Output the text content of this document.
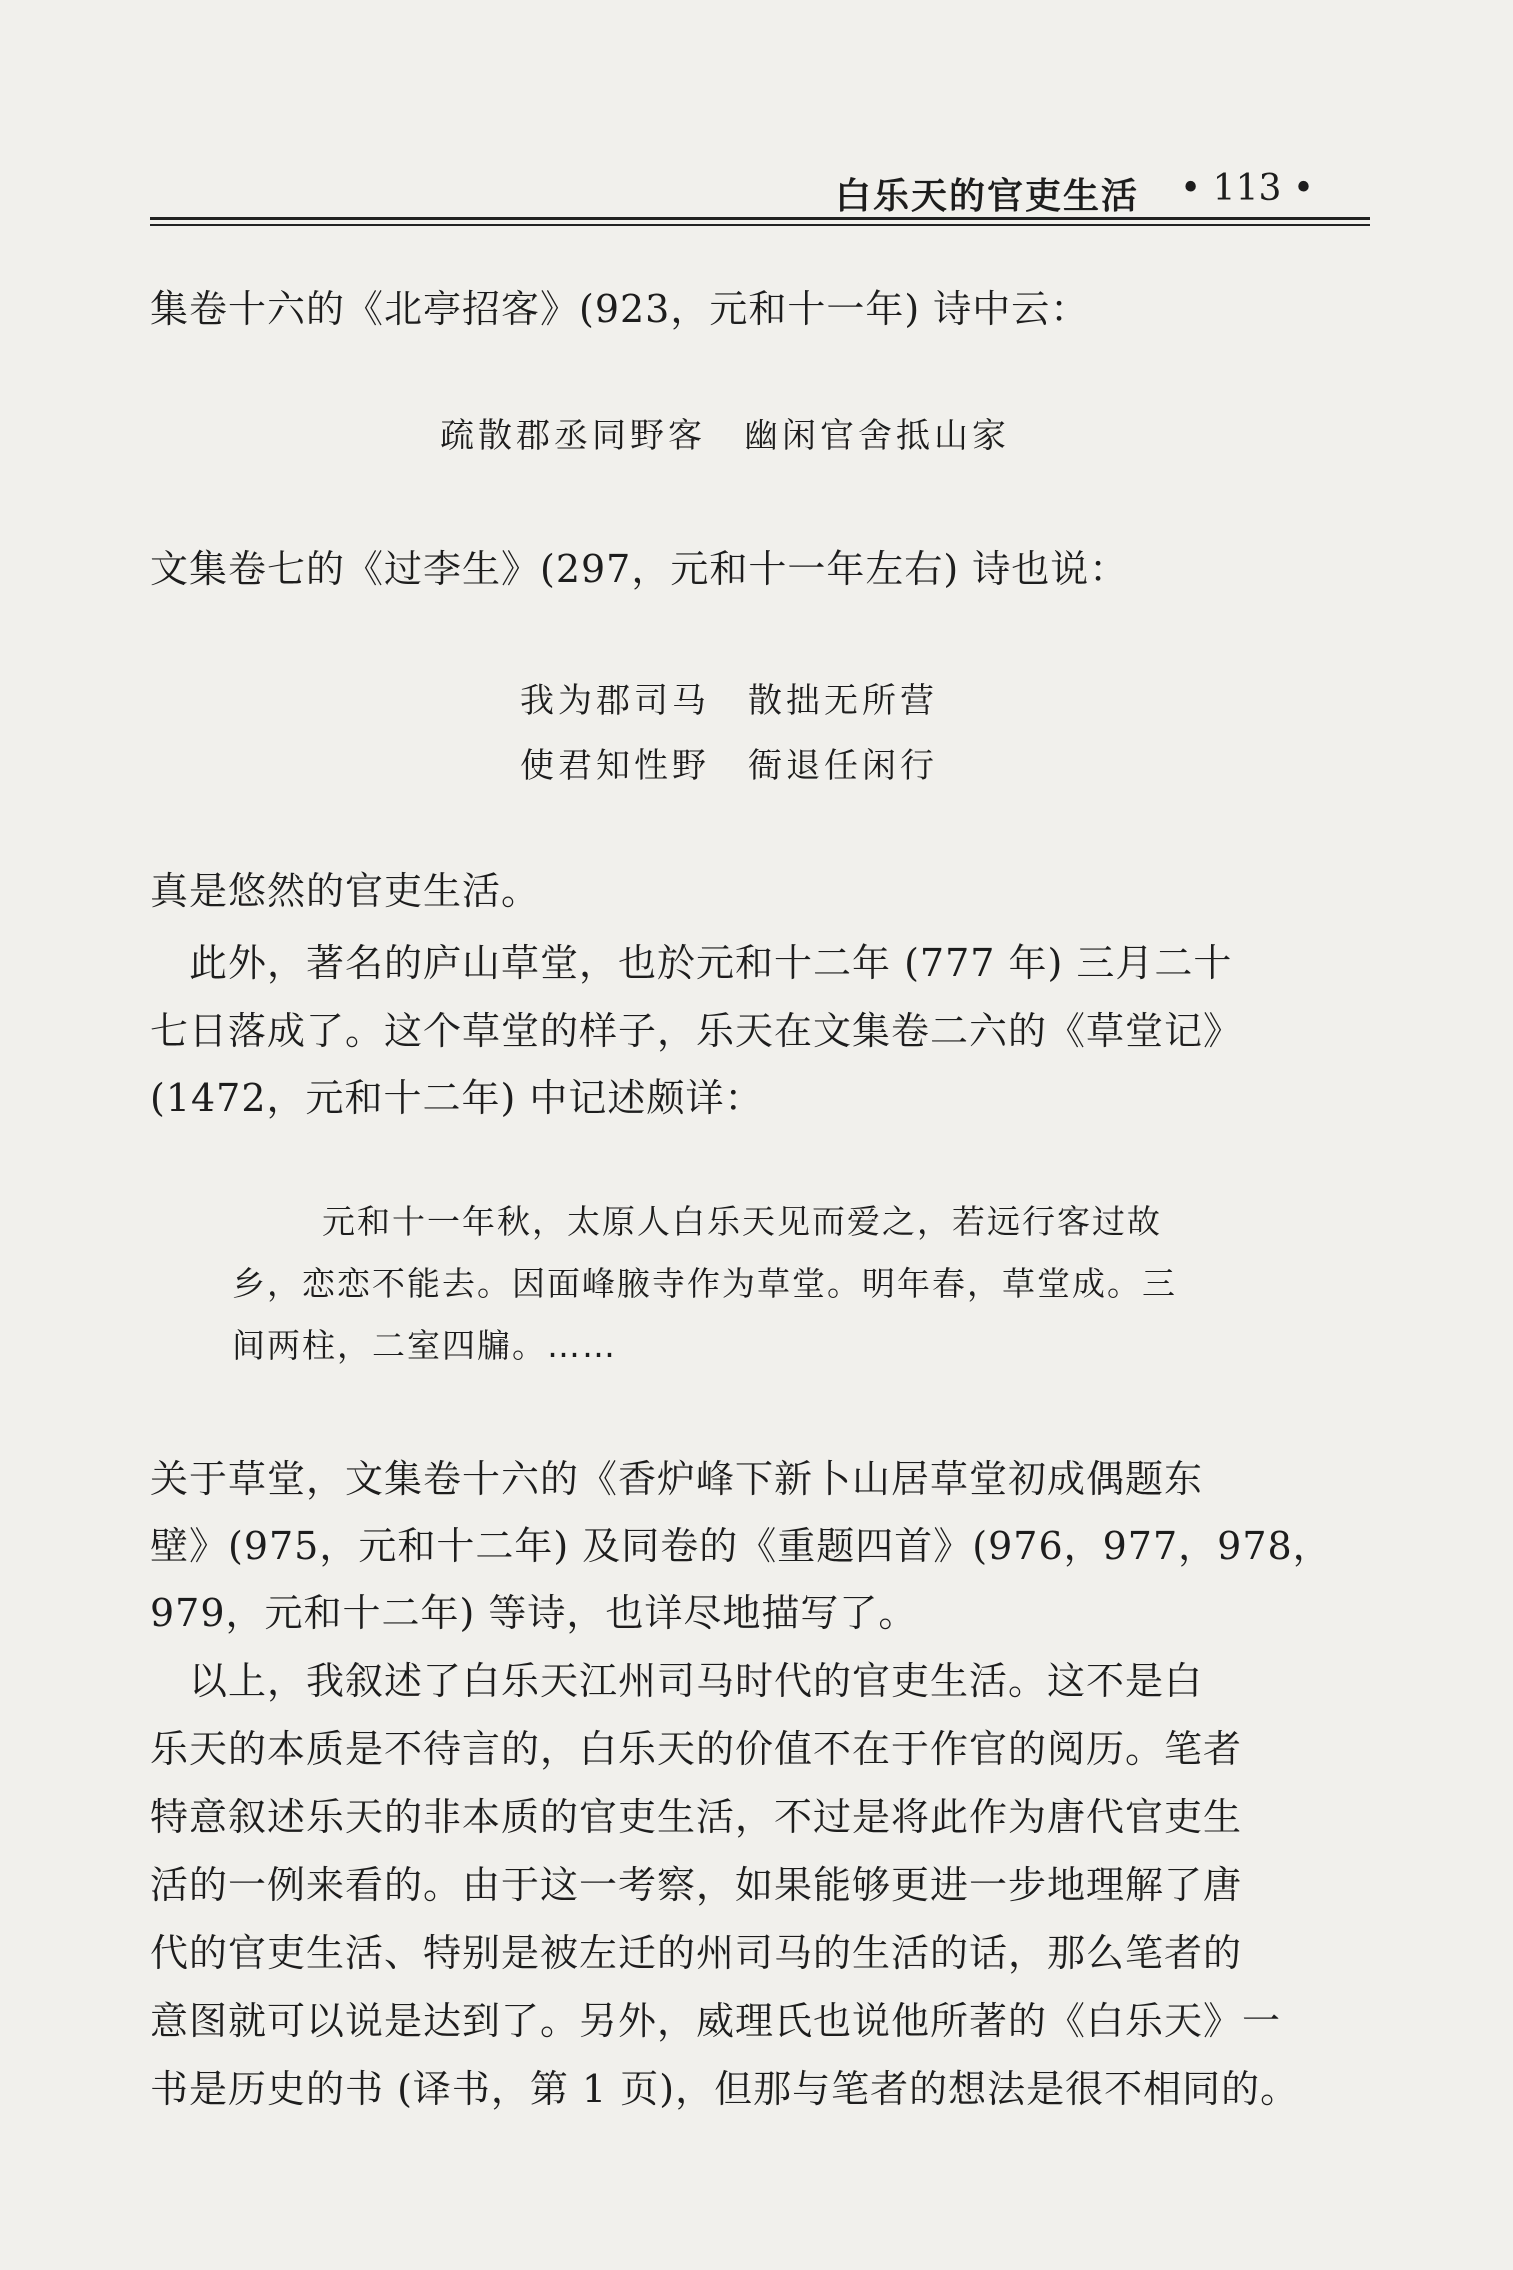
白乐天的官吏生活 • 113 •
集卷十六的《北亭招客》(923，元和十一年) 诗中云：
疏散郡丞同野客　幽闲官舍抵山家
文集卷七的《过李生》(297，元和十一年左右) 诗也说：
我为郡司马　散拙无所营
使君知性野　衙退任闲行
真是悠然的官吏生活。
　此外，著名的庐山草堂，也於元和十二年 (777 年) 三月二十
七日落成了。这个草堂的样子，乐天在文集卷二六的《草堂记》
(1472，元和十二年) 中记述颇详：
元和十一年秋，太原人白乐天见而爱之，若远行客过故
乡，恋恋不能去。因面峰腋寺作为草堂。明年春，草堂成。三
间两柱，二室四牖。……
关于草堂，文集卷十六的《香炉峰下新卜山居草堂初成偶题东
壁》(975，元和十二年) 及同卷的《重题四首》(976，977，978，
979，元和十二年) 等诗，也详尽地描写了。
　以上，我叙述了白乐天江州司马时代的官吏生活。这不是白
乐天的本质是不待言的，白乐天的价值不在于作官的阅历。笔者
特意叙述乐天的非本质的官吏生活，不过是将此作为唐代官吏生
活的一例来看的。由于这一考察，如果能够更进一步地理解了唐
代的官吏生活、特别是被左迁的州司马的生活的话，那么笔者的
意图就可以说是达到了。另外，威理氏也说他所著的《白乐天》一
书是历史的书 (译书，第 1 页)，但那与笔者的想法是很不相同的。
